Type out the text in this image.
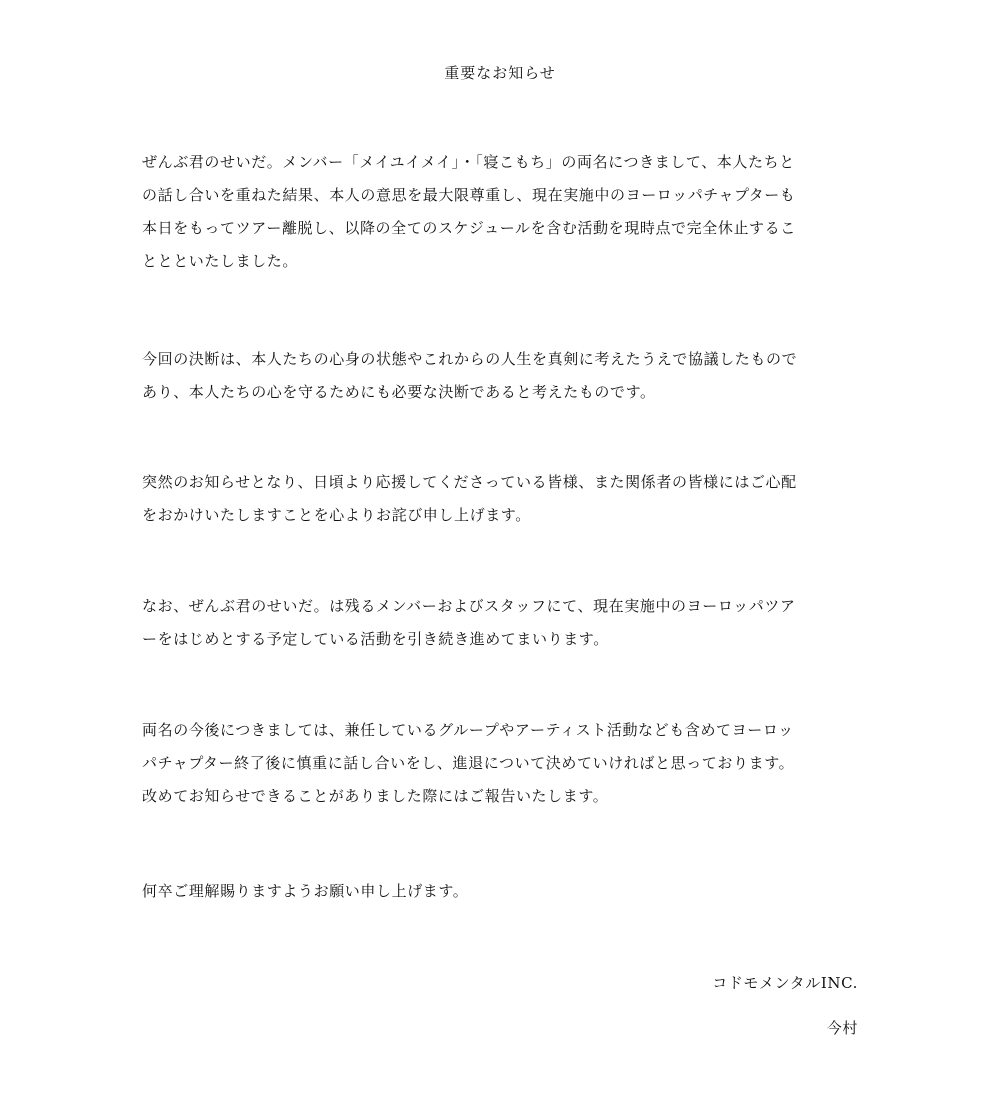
重要なお知らせ

ぜんぶ君のせいだ。メンバー「メイユイメイ」・「寝こもち」の両名につきまして、本人たちと
の話し合いを重ねた結果、本人の意思を最大限尊重し、現在実施中のヨーロッパチャプターも
本日をもってツアー離脱し、以降の全てのスケジュールを含む活動を現時点で完全休止するこ
ととといたしました。

今回の決断は、本人たちの心身の状態やこれからの人生を真剣に考えたうえで協議したもので
あり、本人たちの心を守るためにも必要な決断であると考えたものです。

突然のお知らせとなり、日頃より応援してくださっている皆様、また関係者の皆様にはご心配
をおかけいたしますことを心よりお詫び申し上げます。

なお、ぜんぶ君のせいだ。は残るメンバーおよびスタッフにて、現在実施中のヨーロッパツア
ーをはじめとする予定している活動を引き続き進めてまいります。

両名の今後につきましては、兼任しているグループやアーティスト活動なども含めてヨーロッ
パチャプター終了後に慎重に話し合いをし、進退について決めていければと思っております。
改めてお知らせできることがありました際にはご報告いたします。

何卒ご理解賜りますようお願い申し上げます。

コドモメンタルINC.
今村
